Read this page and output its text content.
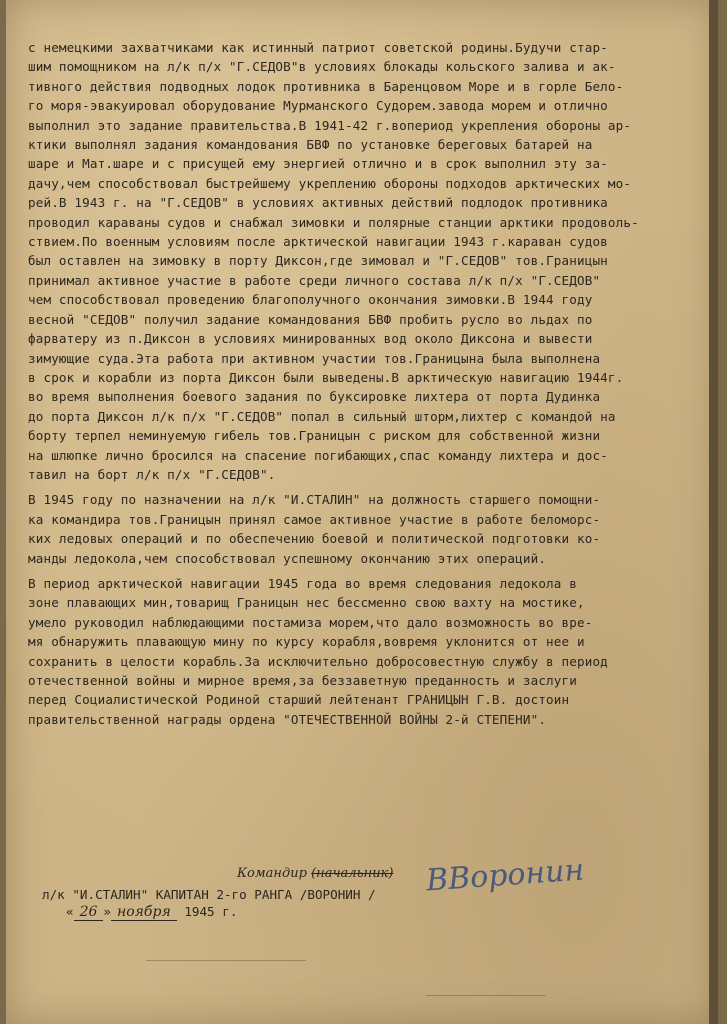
с немецкими захватчиками как истинный патриот советской родины.Будучи стар-
шим помощником на л/к п/х "Г.СЕДОВ"в условиях блокады кольского залива и ак-
тивного действия подводных лодок противника в Баренцовом Море и в горле Бело-
го моря-эвакуировал оборудование Мурманского Судорем.завода морем и отлично
выполнил это задание правительства.В 1941-42 г.вопериод укрепления обороны ар-
ктики выполнял задания командования БВФ по установке береговых батарей на
шаре и Мат.шаре и с присущей ему энергией отлично и в срок выполнил эту за-
дачу,чем способствовал быстрейшему укреплению обороны подходов арктических мо-
рей.В 1943 г. на "Г.СЕДОВ" в условиях активных действий подлодок противника
проводил караваны судов и снабжал зимовки и полярные станции арктики продоволь-
ствием.По военным условиям после арктической навигации 1943 г.караван судов
был оставлен на зимовку в порту Диксон,где зимовал и "Г.СЕДОВ" тов.Границын
принимал активное участие в работе среди личного состава л/к п/х "Г.СЕДОВ"
чем способствовал проведению благополучного окончания зимовки.В 1944 году
весной "СЕДОВ" получил задание командования БВФ пробить русло во льдах по
фарватеру из п.Диксон в условиях минированных вод около Диксона и вывести
зимующие суда.Эта работа при активном участии тов.Границына была выполнена
в срок и корабли из порта Диксон были выведены.В арктическую навигацию 1944г.
во время выполнения боевого задания по буксировке лихтера от порта Дудинка
до порта Диксон л/к п/х "Г.СЕДОВ" попал в сильный шторм,лихтер с командой на
борту терпел неминуемую гибель тов.Границын с риском для собственной жизни
на шлюпке лично бросился на спасение погибающих,спас команду лихтера и дос-
тавил на борт л/к п/х "Г.СЕДОВ".
В 1945 году по назначении на л/к "И.СТАЛИН" на должность старшего помощни-
ка командира тов.Границын принял самое активное участие в работе беломорс-
ких ледовых операций и по обеспечению боевой и политической подготовки ко-
манды ледокола,чем способствовал успешному окончанию этих операций.
В период арктической навигации 1945 года во время следования ледокола в
зоне плавающих мин,товарищ Границын нес бессменно свою вахту на мостике,
умело руководил наблюдающими постамиза морем,что дало возможность во вре-
мя обнаружить плавающую мину по курсу корабля,вовремя уклонится от нее и
сохранить в целости корабль.За исключительно добросовестную службу в период
отечественной войны и мирное время,за беззаветную преданность и заслуги
перед Социалистической Родиной старший лейтенант ГРАНИЦЫН Г.В. достоин
правительственной награды ордена "ОТЕЧЕСТВЕННОЙ ВОЙНЫ 2-й СТЕПЕНИ".
Командир (начальник)
л/к "И.СТАЛИН" КАПИТАН 2-го РАНГА /ВОРОНИН /
« 26 » ноября 1945 г.
ВВоронин
